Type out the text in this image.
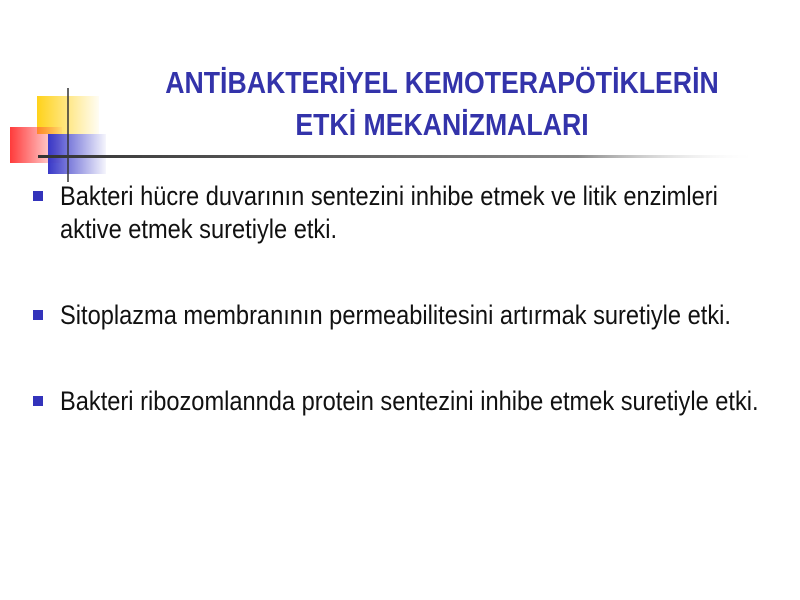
ANTİBAKTERİYEL KEMOTERAPÖTİKLERİN
ETKİ MEKANİZMALARI
Bakteri hücre duvarının sentezini inhibe etmek ve litik enzimleri aktive etmek suretiyle etki.
Sitoplazma membranının permeabilitesini artırmak suretiyle etki.
Bakteri ribozomlannda protein sentezini inhibe etmek suretiyle etki.
